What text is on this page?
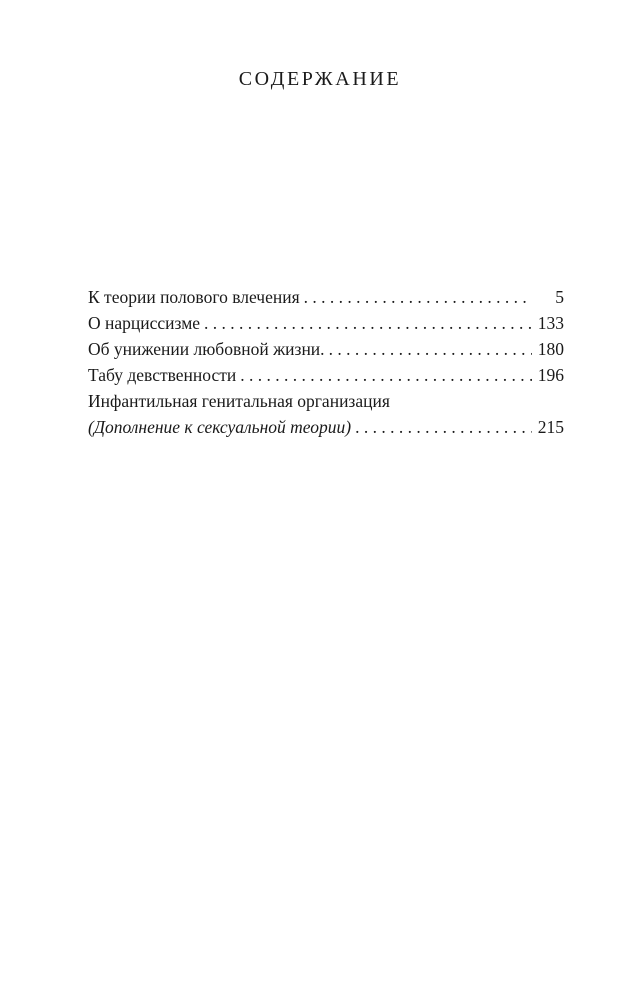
СОДЕРЖАНИЕ
К теории полового влечения . . .	5
О нарциссизме . . .	133
Об унижении любовной жизни. . . .	180
Табу девственности . . .	196
Инфантильная генитальная организация
(Дополнение к сексуальной теории) . . .	215
